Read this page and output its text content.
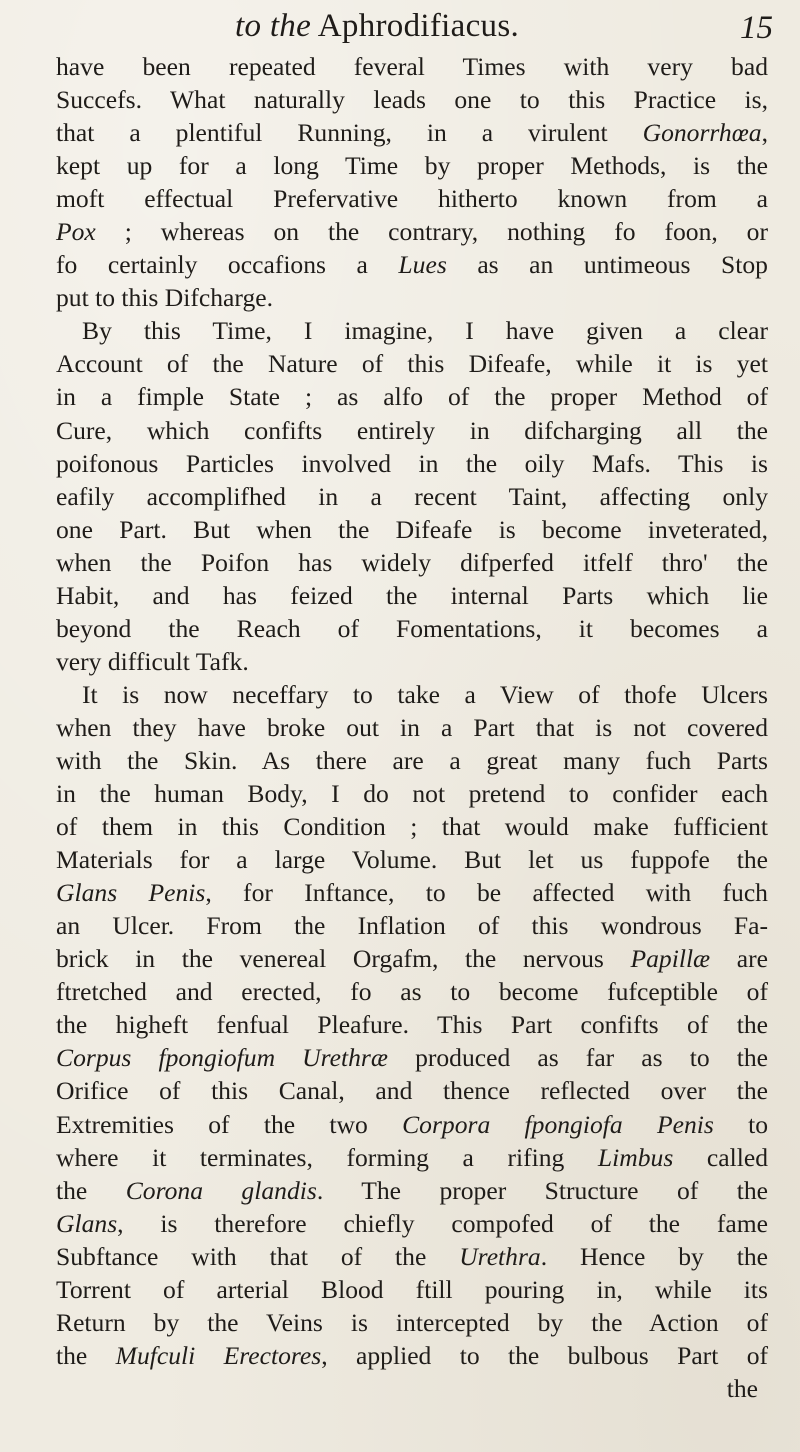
to the Aphrodifiacus.	15
have been repeated feveral Times with very bad
Succefs. What naturally leads one to this Practice is,
that a plentiful Running, in a virulent Gonorrhœa,
kept up for a long Time by proper Methods, is the
moft effectual Prefervative hitherto known from a
Pox ; whereas on the contrary, nothing fo foon, or
fo certainly occafions a Lues as an untimeous Stop
put to this Difcharge.
By this Time, I imagine, I have given a clear
Account of the Nature of this Difeafe, while it is yet
in a fimple State ; as alfo of the proper Method of
Cure, which confifts entirely in difcharging all the
poifonous Particles involved in the oily Mafs. This is
eafily accomplifhed in a recent Taint, affecting only
one Part. But when the Difeafe is become inveterated,
when the Poifon has widely difperfed itfelf thro' the
Habit, and has feized the internal Parts which lie
beyond the Reach of Fomentations, it becomes a
very difficult Tafk.
It is now neceffary to take a View of thofe Ulcers
when they have broke out in a Part that is not covered
with the Skin. As there are a great many fuch Parts
in the human Body, I do not pretend to confider each
of them in this Condition ; that would make fufficient
Materials for a large Volume. But let us fuppofe the
Glans Penis, for Inftance, to be affected with fuch
an Ulcer. From the Inflation of this wondrous Fa-
brick in the venereal Orgafm, the nervous Papillæ are
ftretched and erected, fo as to become fufceptible of
the higheft fenfual Pleafure. This Part confifts of the
Corpus fpongiofum Urethræ produced as far as to the
Orifice of this Canal, and thence reflected over the
Extremities of the two Corpora fpongiofa Penis to
where it terminates, forming a rifing Limbus called
the Corona glandis. The proper Structure of the
Glans, is therefore chiefly compofed of the fame
Subftance with that of the Urethra. Hence by the
Torrent of arterial Blood ftill pouring in, while its
Return by the Veins is intercepted by the Action of
the Mufculi Erectores, applied to the bulbous Part of
the
